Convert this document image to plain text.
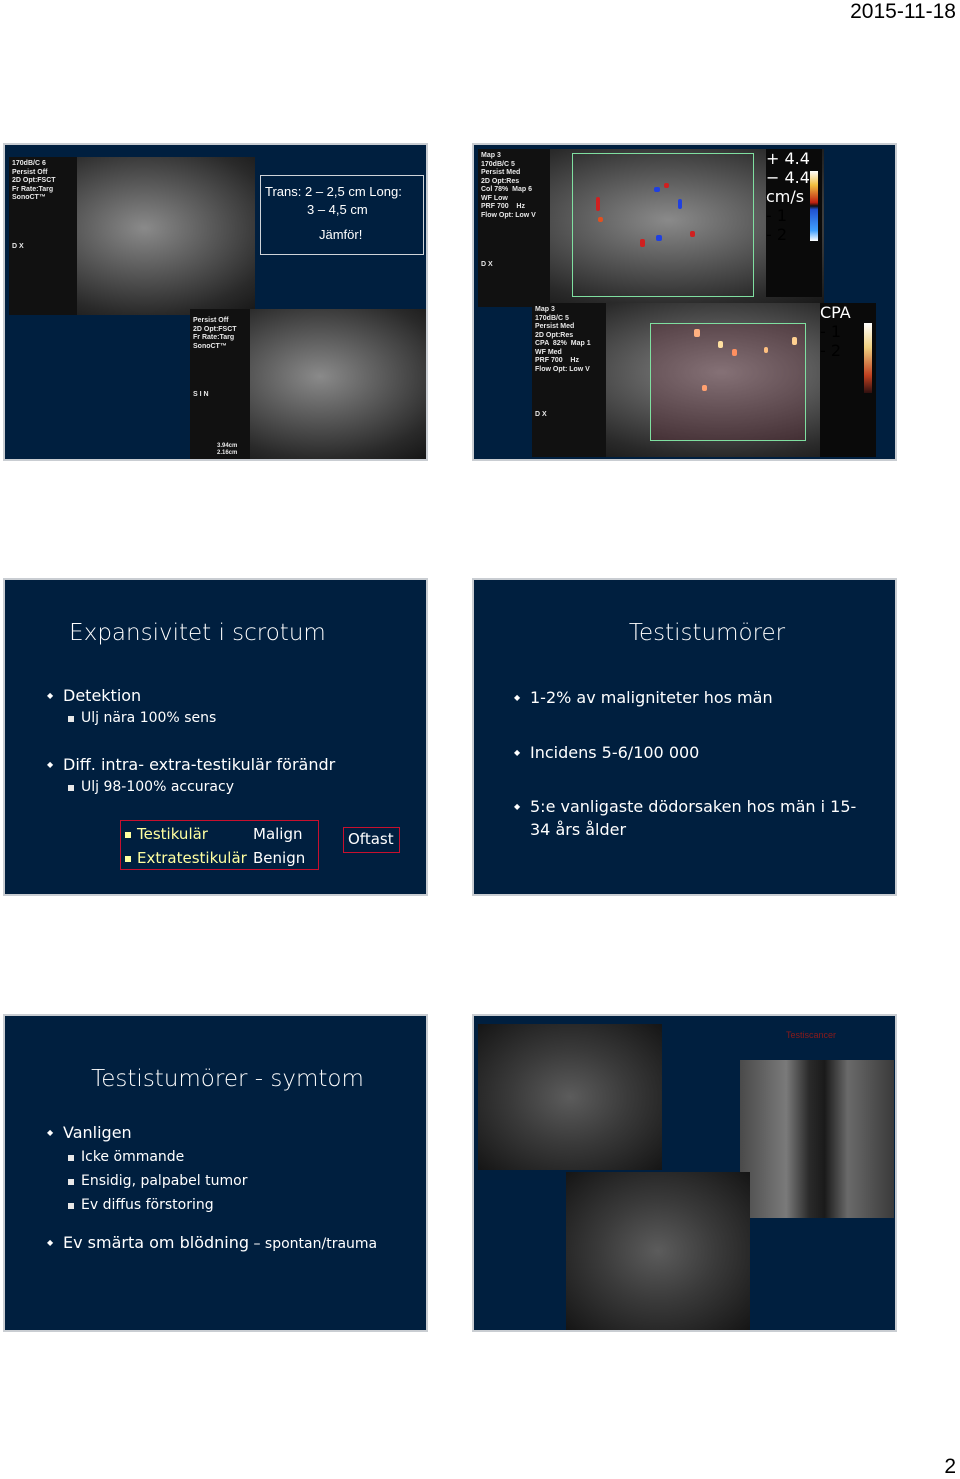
2015-11-18
170dB/C 6
Persist Off
2D Opt:FSCT
Fr Rate:Targ
SonoCT™
D X
Trans: 2 – 2,5 cm Long:
3 – 4,5 cm
Jämför!
Persist Off
2D Opt:FSCT
Fr Rate:Targ
SonoCT™
S I N
3.94cm
2.16cm
Map 3
170dB/C 5
Persist Med
2D Opt:Res
Col 78%  Map 6
WF Low
PRF 700    Hz
Flow Opt: Low V
D X
+ 4.4
− 4.4
cm/s
- 1
- 2
Map 3
170dB/C 5
Persist Med
2D Opt:Res
CPA  82%  Map 1
WF Med
PRF 700    Hz
Flow Opt: Low V
D X
CPA
- 1
- 2
Expansivitet i scrotum
◆ Detektion
Ulj nära 100% sens
◆ Diff. intra- extra-testikulär förändr
Ulj 98-100% accuracy
Testikulär	Malign
Extratestikulär Benign
Oftast
Testistumörer
◆ 1-2% av maligniteter hos män
◆ Incidens 5-6/100 000
◆ 5:e vanligaste dödorsaken hos män i 15-
34 års ålder
Testistumörer - symtom
◆ Vanligen
Icke ömmande
Ensidig, palpabel tumor
Ev diffus förstoring
◆ Ev smärta om blödning – spontan/trauma
Testiscancer
2
